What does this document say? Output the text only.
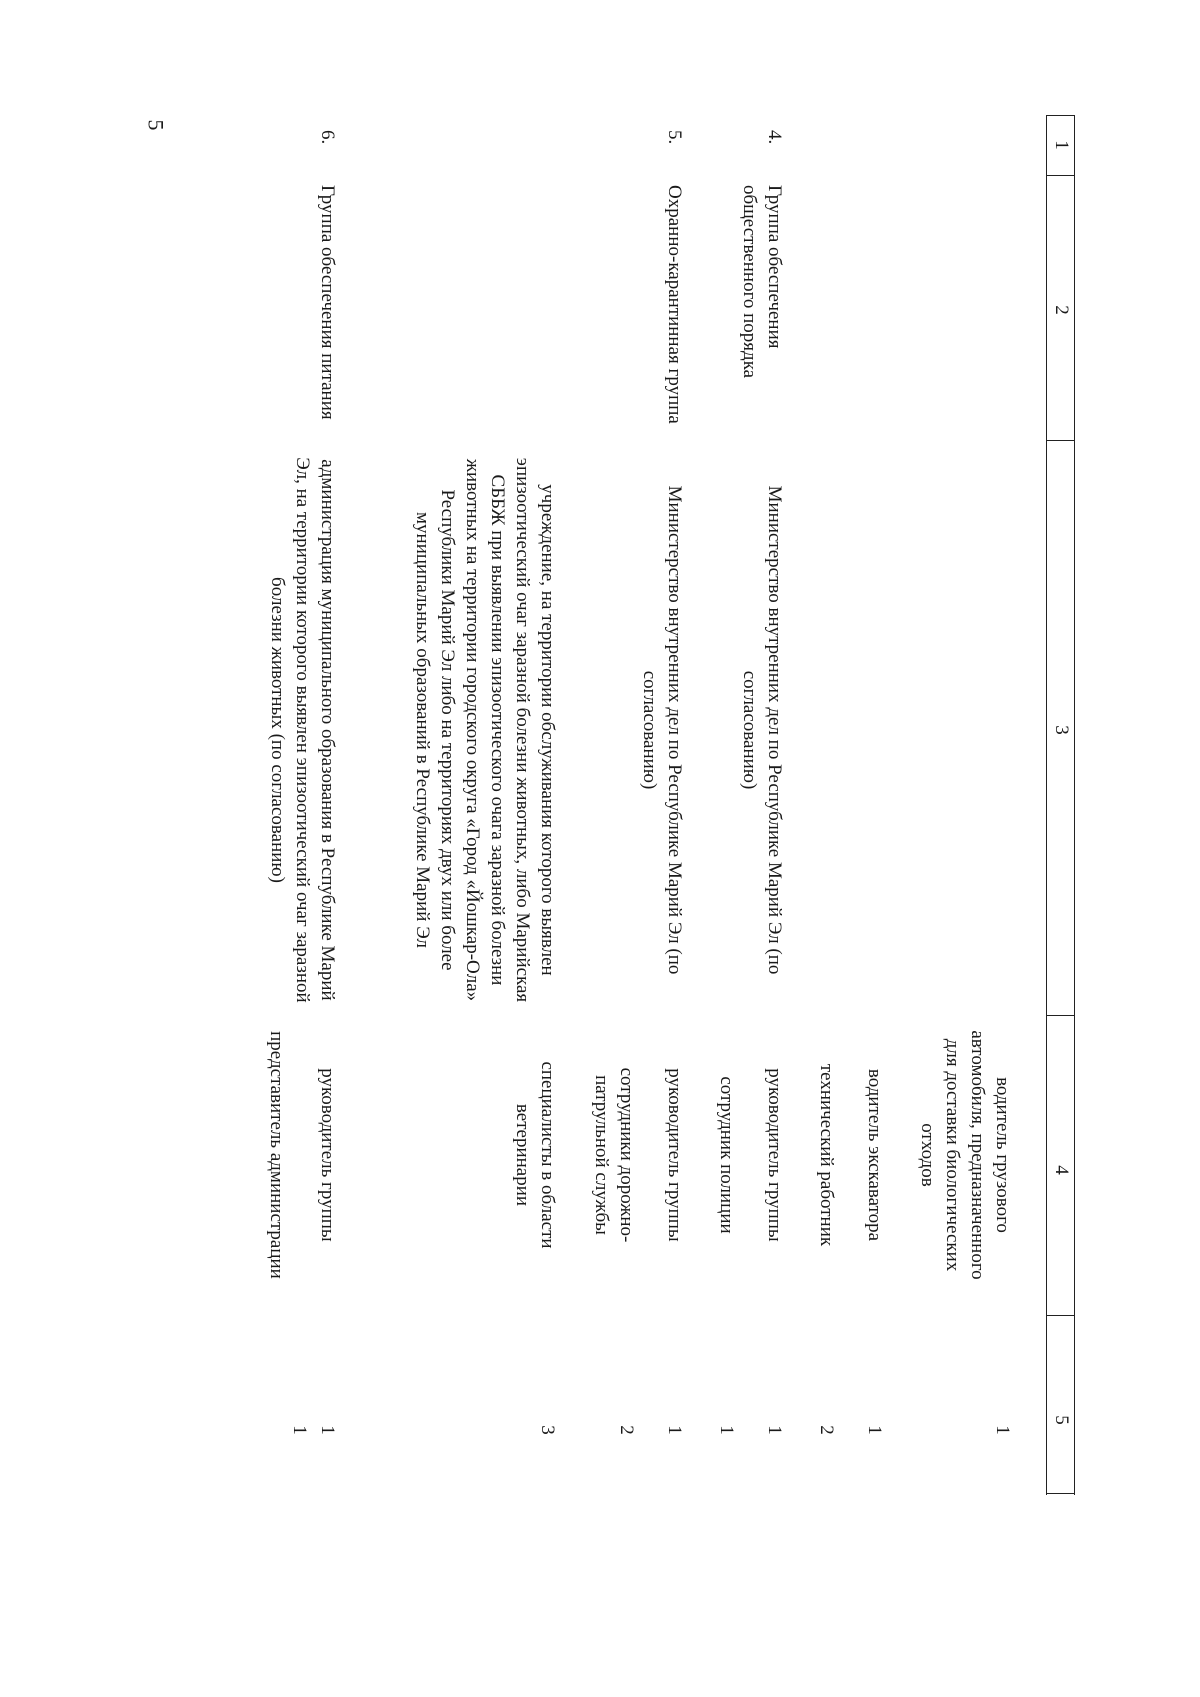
5
1
2
3
4
5
водитель грузового автомобиля, предназначенного для доставки биологических отходов
1
водитель экскаватора
1
технический работник
2
4.
Группа обеспечения общественного порядка
Министерство внутренних дел по Республике Марий Эл (по согласованию)
руководитель группы
1
сотрудник полиции
1
5.
Охранно-карантинная группа
Министерство внутренних дел по Республике Марий Эл (по согласованию)
руководитель группы
1
сотрудники дорожно-патрульной службы
2
учреждение, на территории обслуживания которого выявлен эпизоотический очаг заразной болезни животных, либо Марийская СББЖ при выявлении эпизоотического очага заразной болезни животных на территории городского округа «Город «Йошкар-Ола» Республики Марий Эл либо на территориях двух или более муниципальных образований в Республике Марий Эл
специалисты в области ветеринарии
3
6.
Группа обеспечения питания
администрация муниципального образования в Республике Марий Эл, на территории которого выявлен эпизоотический очаг заразной болезни животных (по согласованию)
руководитель группы
1
представитель администрации
1
